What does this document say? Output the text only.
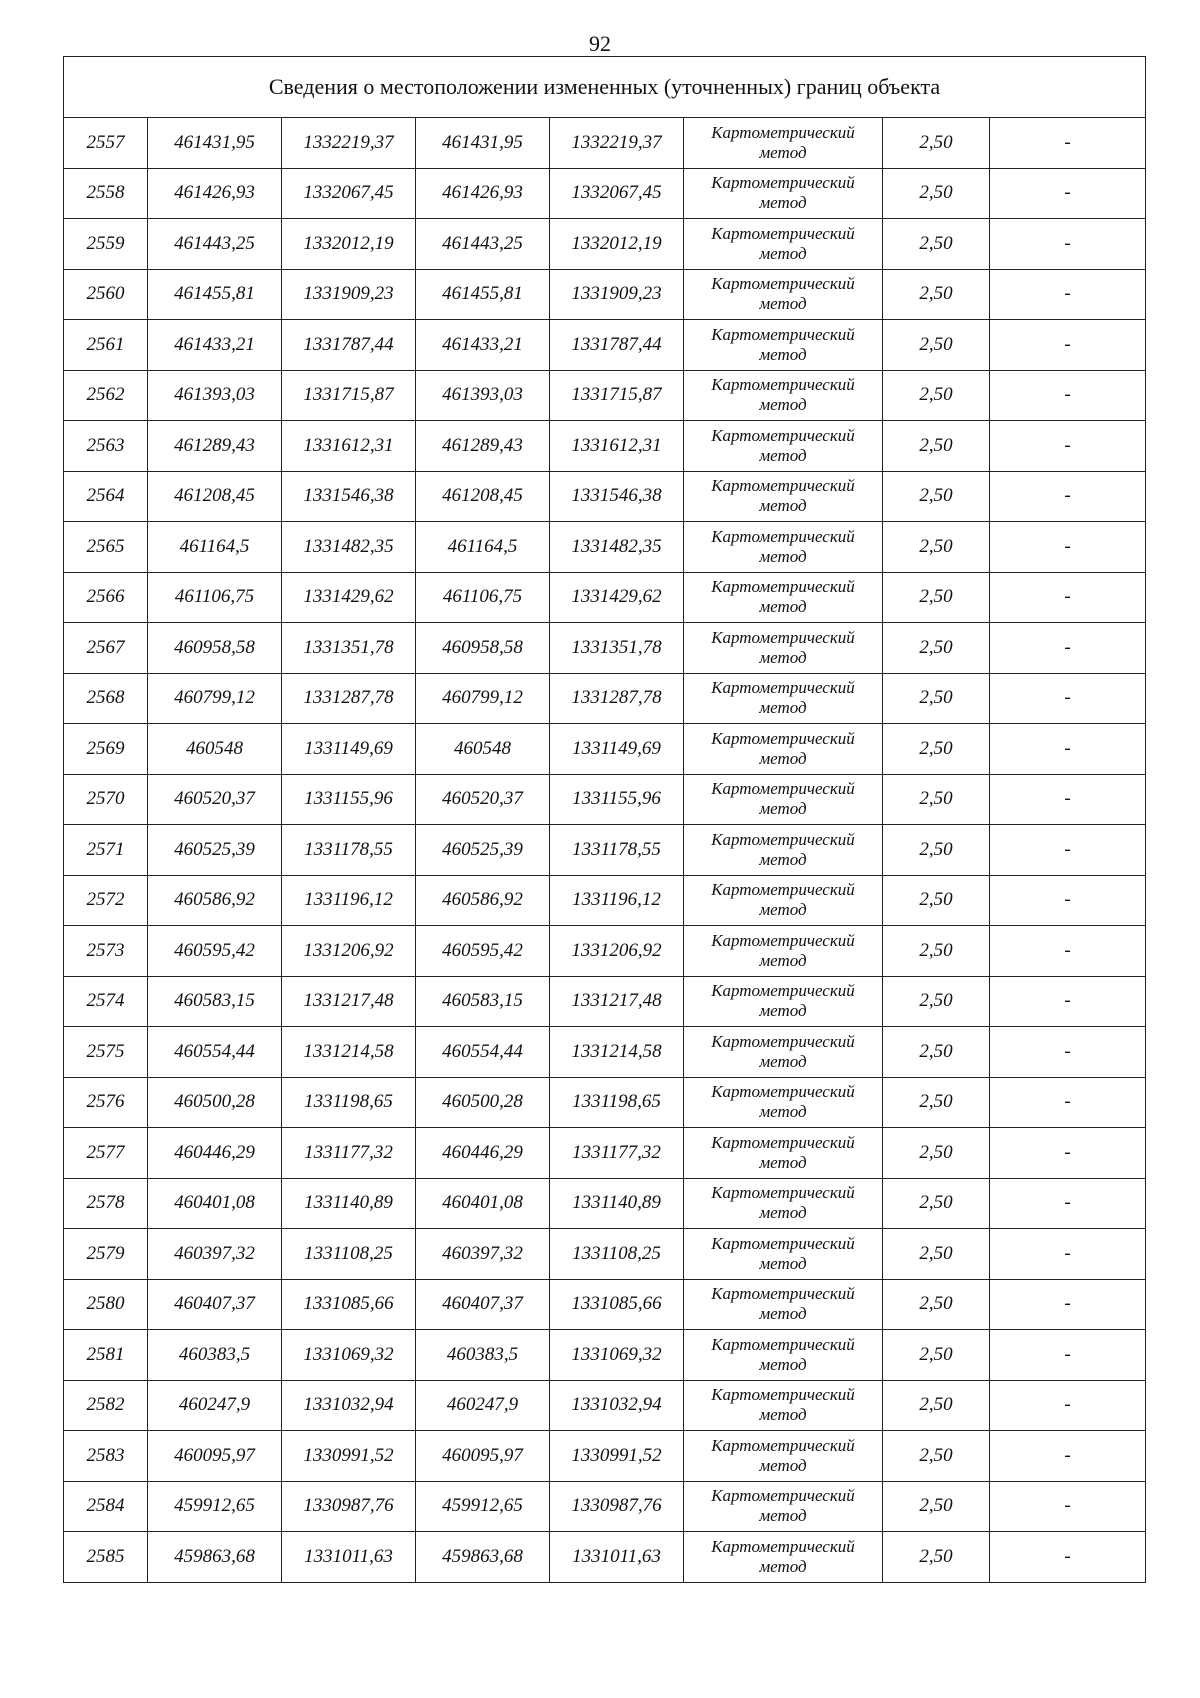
92
Сведения о местоположении измененных (уточненных) границ объекта							
2557	461431,95	1332219,37	461431,95	1332219,37	Картометрический
метод	2,50	-
2558	461426,93	1332067,45	461426,93	1332067,45	Картометрический
метод	2,50	-
2559	461443,25	1332012,19	461443,25	1332012,19	Картометрический
метод	2,50	-
2560	461455,81	1331909,23	461455,81	1331909,23	Картометрический
метод	2,50	-
2561	461433,21	1331787,44	461433,21	1331787,44	Картометрический
метод	2,50	-
2562	461393,03	1331715,87	461393,03	1331715,87	Картометрический
метод	2,50	-
2563	461289,43	1331612,31	461289,43	1331612,31	Картометрический
метод	2,50	-
2564	461208,45	1331546,38	461208,45	1331546,38	Картометрический
метод	2,50	-
2565	461164,5	1331482,35	461164,5	1331482,35	Картометрический
метод	2,50	-
2566	461106,75	1331429,62	461106,75	1331429,62	Картометрический
метод	2,50	-
2567	460958,58	1331351,78	460958,58	1331351,78	Картометрический
метод	2,50	-
2568	460799,12	1331287,78	460799,12	1331287,78	Картометрический
метод	2,50	-
2569	460548	1331149,69	460548	1331149,69	Картометрический
метод	2,50	-
2570	460520,37	1331155,96	460520,37	1331155,96	Картометрический
метод	2,50	-
2571	460525,39	1331178,55	460525,39	1331178,55	Картометрический
метод	2,50	-
2572	460586,92	1331196,12	460586,92	1331196,12	Картометрический
метод	2,50	-
2573	460595,42	1331206,92	460595,42	1331206,92	Картометрический
метод	2,50	-
2574	460583,15	1331217,48	460583,15	1331217,48	Картометрический
метод	2,50	-
2575	460554,44	1331214,58	460554,44	1331214,58	Картометрический
метод	2,50	-
2576	460500,28	1331198,65	460500,28	1331198,65	Картометрический
метод	2,50	-
2577	460446,29	1331177,32	460446,29	1331177,32	Картометрический
метод	2,50	-
2578	460401,08	1331140,89	460401,08	1331140,89	Картометрический
метод	2,50	-
2579	460397,32	1331108,25	460397,32	1331108,25	Картометрический
метод	2,50	-
2580	460407,37	1331085,66	460407,37	1331085,66	Картометрический
метод	2,50	-
2581	460383,5	1331069,32	460383,5	1331069,32	Картометрический
метод	2,50	-
2582	460247,9	1331032,94	460247,9	1331032,94	Картометрический
метод	2,50	-
2583	460095,97	1330991,52	460095,97	1330991,52	Картометрический
метод	2,50	-
2584	459912,65	1330987,76	459912,65	1330987,76	Картометрический
метод	2,50	-
2585	459863,68	1331011,63	459863,68	1331011,63	Картометрический
метод	2,50	-
